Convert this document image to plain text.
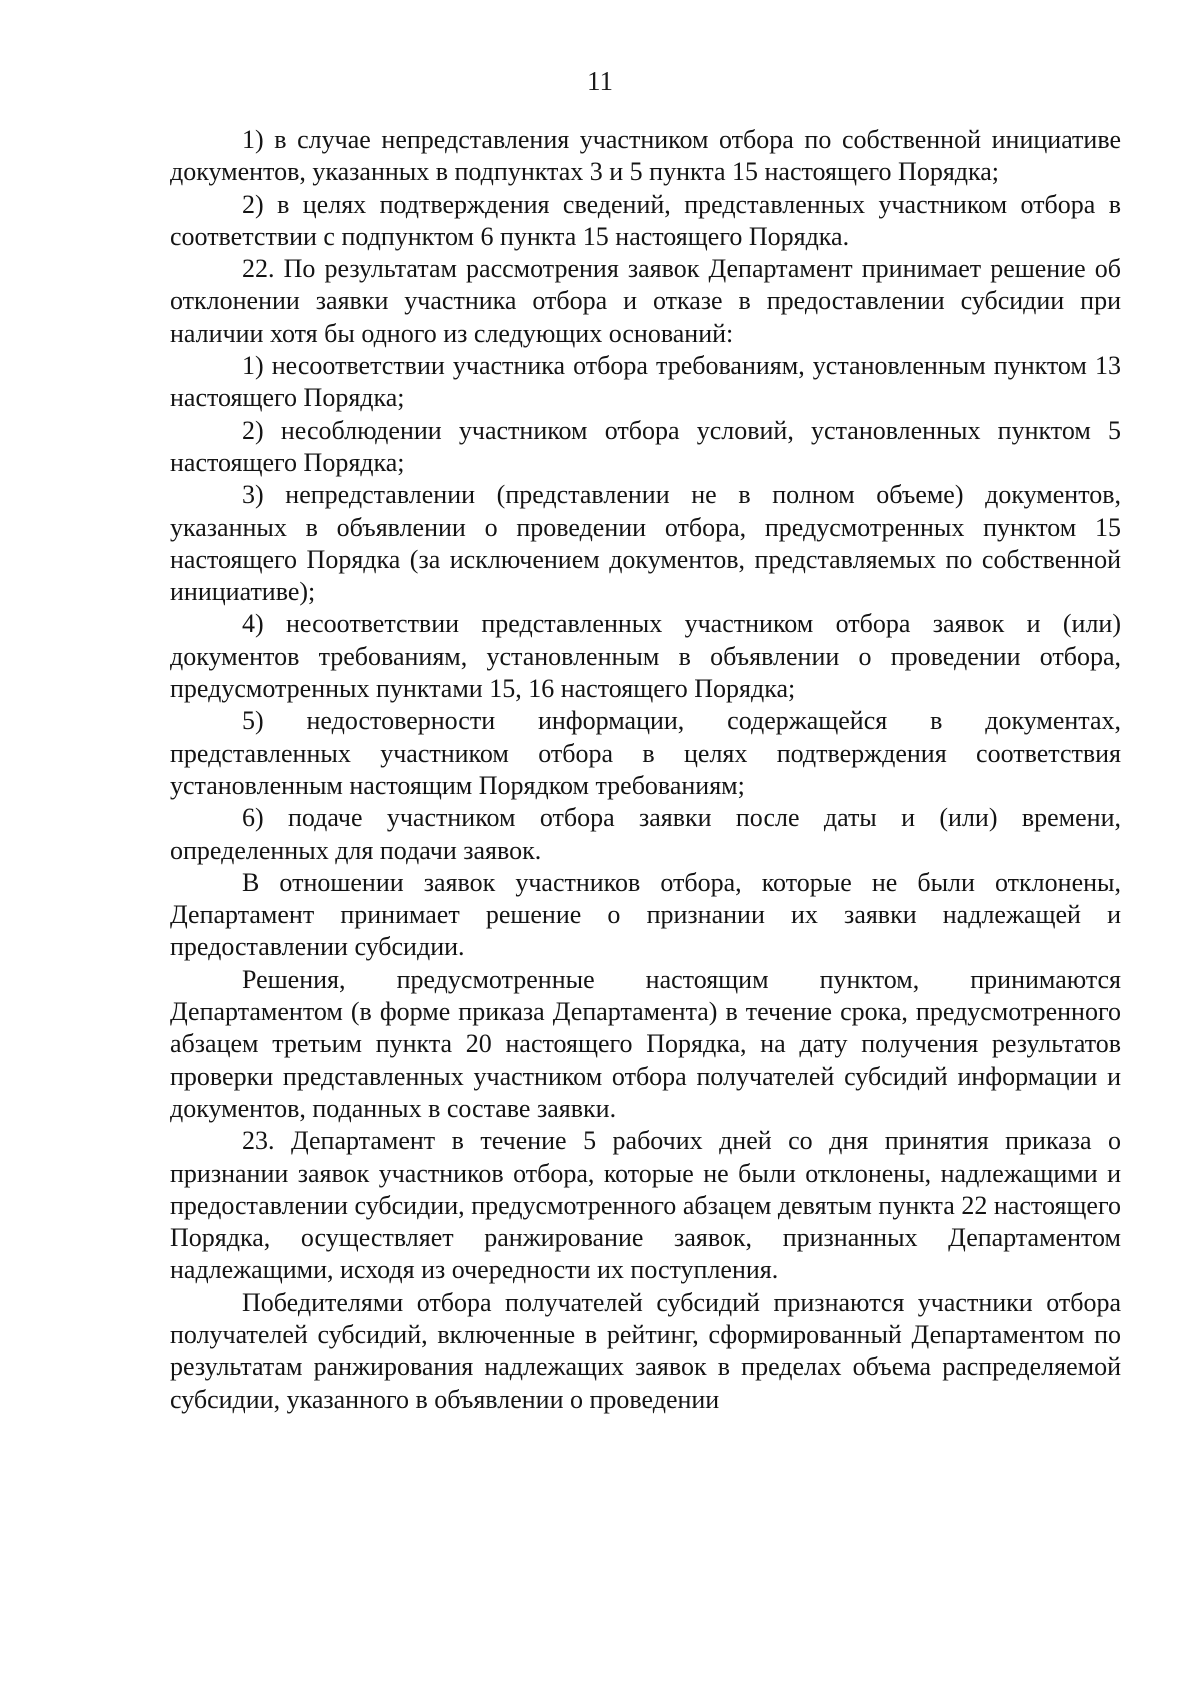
11

1) в случае непредставления участником отбора по собственной инициативе документов, указанных в подпунктах 3 и 5 пункта 15 настоящего Порядка;

2) в целях подтверждения сведений, представленных участником отбора в соответствии с подпунктом 6 пункта 15 настоящего Порядка.

22. По результатам рассмотрения заявок Департамент принимает решение об отклонении заявки участника отбора и отказе в предоставлении субсидии при наличии хотя бы одного из следующих оснований:

1) несоответствии участника отбора требованиям, установленным пунктом 13 настоящего Порядка;

2) несоблюдении участником отбора условий, установленных пунктом 5 настоящего Порядка;

3) непредставлении (представлении не в полном объеме) документов, указанных в объявлении о проведении отбора, предусмотренных пунктом 15 настоящего Порядка (за исключением документов, представляемых по собственной инициативе);

4) несоответствии представленных участником отбора заявок и (или) документов требованиям, установленным в объявлении о проведении отбора, предусмотренных пунктами 15, 16 настоящего Порядка;

5) недостоверности информации, содержащейся в документах, представленных участником отбора в целях подтверждения соответствия установленным настоящим Порядком требованиям;

6) подаче участником отбора заявки после даты и (или) времени, определенных для подачи заявок.

В отношении заявок участников отбора, которые не были отклонены, Департамент принимает решение о признании их заявки надлежащей и предоставлении субсидии.

Решения, предусмотренные настоящим пунктом, принимаются Департаментом (в форме приказа Департамента) в течение срока, предусмотренного абзацем третьим пункта 20 настоящего Порядка, на дату получения результатов проверки представленных участником отбора получателей субсидий информации и документов, поданных в составе заявки.

23. Департамент в течение 5 рабочих дней со дня принятия приказа о признании заявок участников отбора, которые не были отклонены, надлежащими и предоставлении субсидии, предусмотренного абзацем девятым пункта 22 настоящего Порядка, осуществляет ранжирование заявок, признанных Департаментом надлежащими, исходя из очередности их поступления.

Победителями отбора получателей субсидий признаются участники отбора получателей субсидий, включенные в рейтинг, сформированный Департаментом по результатам ранжирования надлежащих заявок в пределах объема распределяемой субсидии, указанного в объявлении о проведении
